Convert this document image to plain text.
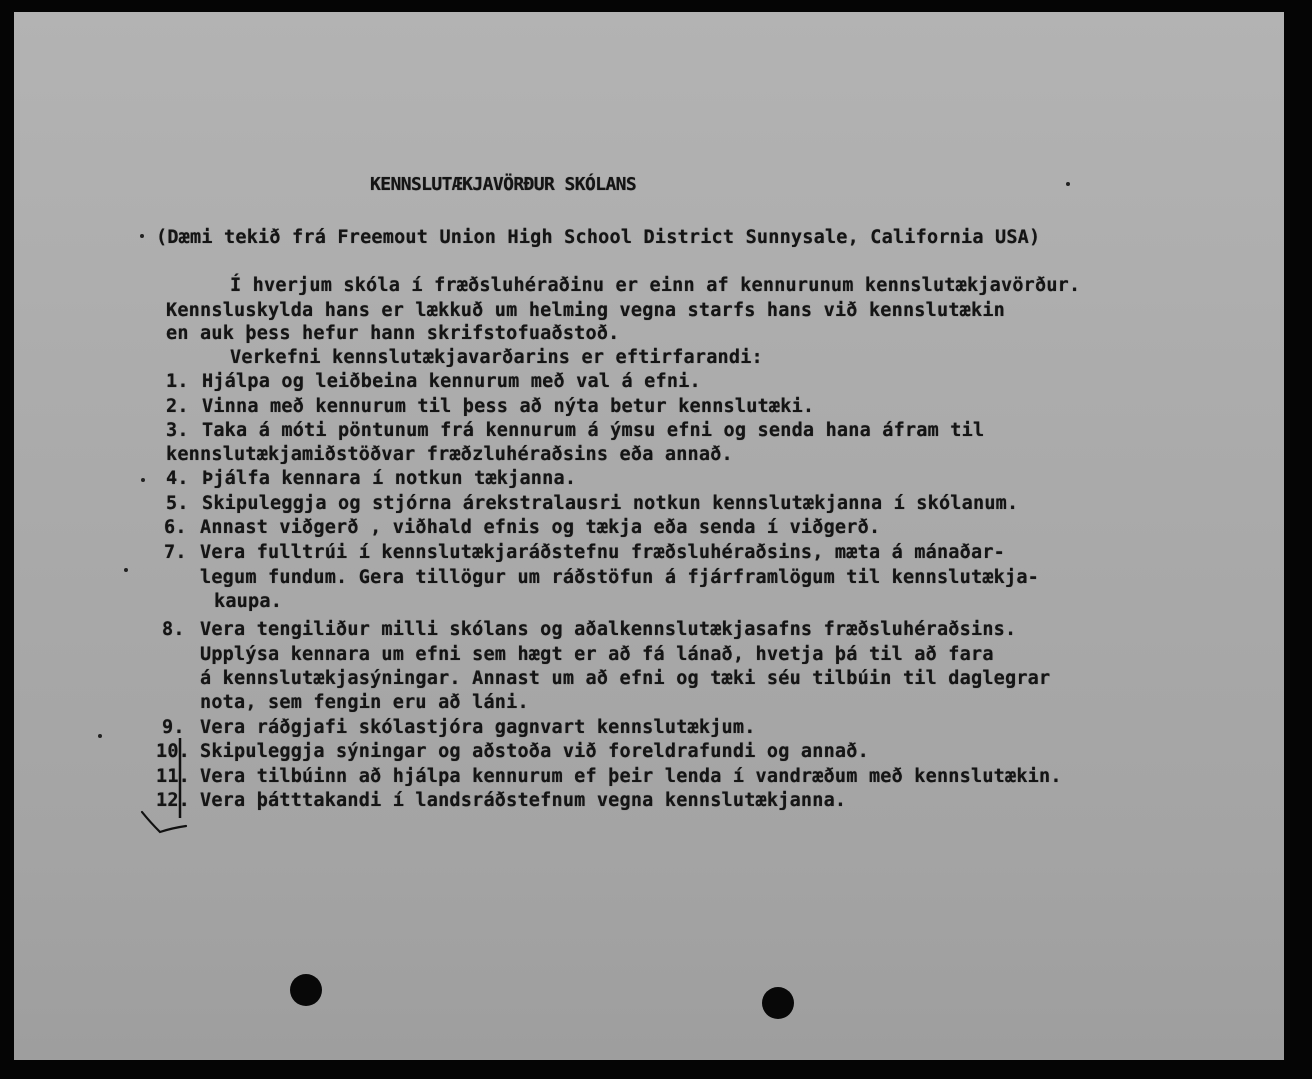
KENNSLUTÆKJAVÖRÐUR SKÓLANS
(Dæmi tekið frá Freemout Union High School District Sunnysale, California USA)
Í hverjum skóla í fræðsluhéraðinu er einn af kennurunum kennslutækjavörður.
Kennsluskylda hans er lækkuð um helming vegna starfs hans við kennslutækin
en auk þess hefur hann skrifstofuaðstoð.
Verkefni kennslutækjavarðarins er eftirfarandi:
1. Hjálpa og leiðbeina kennurum með val á efni.
2. Vinna með kennurum til þess að nýta betur kennslutæki.
3. Taka á móti pöntunum frá kennurum á ýmsu efni og senda hana áfram til
kennslutækjamiðstöðvar fræðzluhéraðsins eða annað.
4. Þjálfa kennara í notkun tækjanna.
5. Skipuleggja og stjórna árekstralausri notkun kennslutækjanna í skólanum.
6. Annast viðgerð , viðhald efnis og tækja eða senda í viðgerð.
7. Vera fulltrúi í kennslutækjaráðstefnu fræðsluhéraðsins, mæta á mánaðar-
legum fundum. Gera tillögur um ráðstöfun á fjárframlögum til kennslutækja-
kaupa.
8. Vera tengiliður milli skólans og aðalkennslutækjasafns fræðsluhéraðsins.
Upplýsa kennara um efni sem hægt er að fá lánað, hvetja þá til að fara
á kennslutækjasýningar. Annast um að efni og tæki séu tilbúin til daglegrar
nota, sem fengin eru að láni.
9. Vera ráðgjafi skólastjóra gagnvart kennslutækjum.
10. Skipuleggja sýningar og aðstoða við foreldrafundi og annað.
11. Vera tilbúinn að hjálpa kennurum ef þeir lenda í vandræðum með kennslutækin.
12. Vera þátttakandi í landsráðstefnum vegna kennslutækjanna.
